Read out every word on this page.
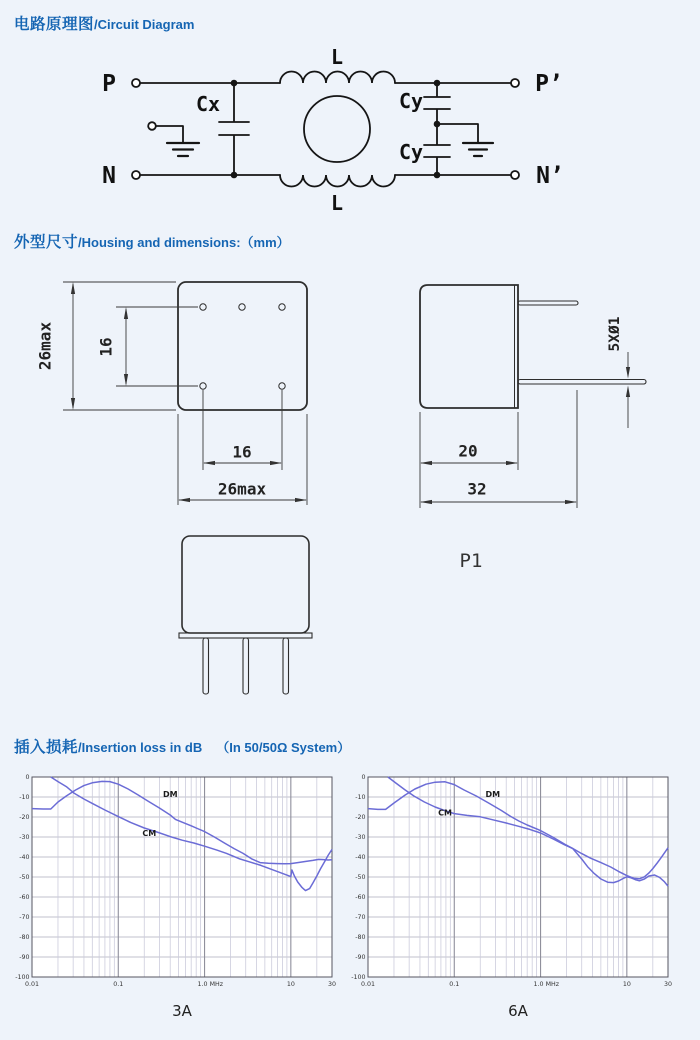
电路原理图/Circuit Diagram
外型尺寸/Housing and dimensions:（mm）
插入损耗/Insertion loss in dB （In 50/50Ω System）
P
N
P’
N’
Cx	Cy
Cy
L
L
26max	16
16
26max
5XØ1
20
32
P1
DM
CM
0
-10
-20
-30
-40
-50
-60
-70
-80
-90
-100
0.01	0.1	1.0 MHz	10	30
DM
CM
0
-10
-20
-30
-40
-50
-60
-70
-80
-90
-100
0.01	0.1	1.0 MHz	10	30
3A	6A
